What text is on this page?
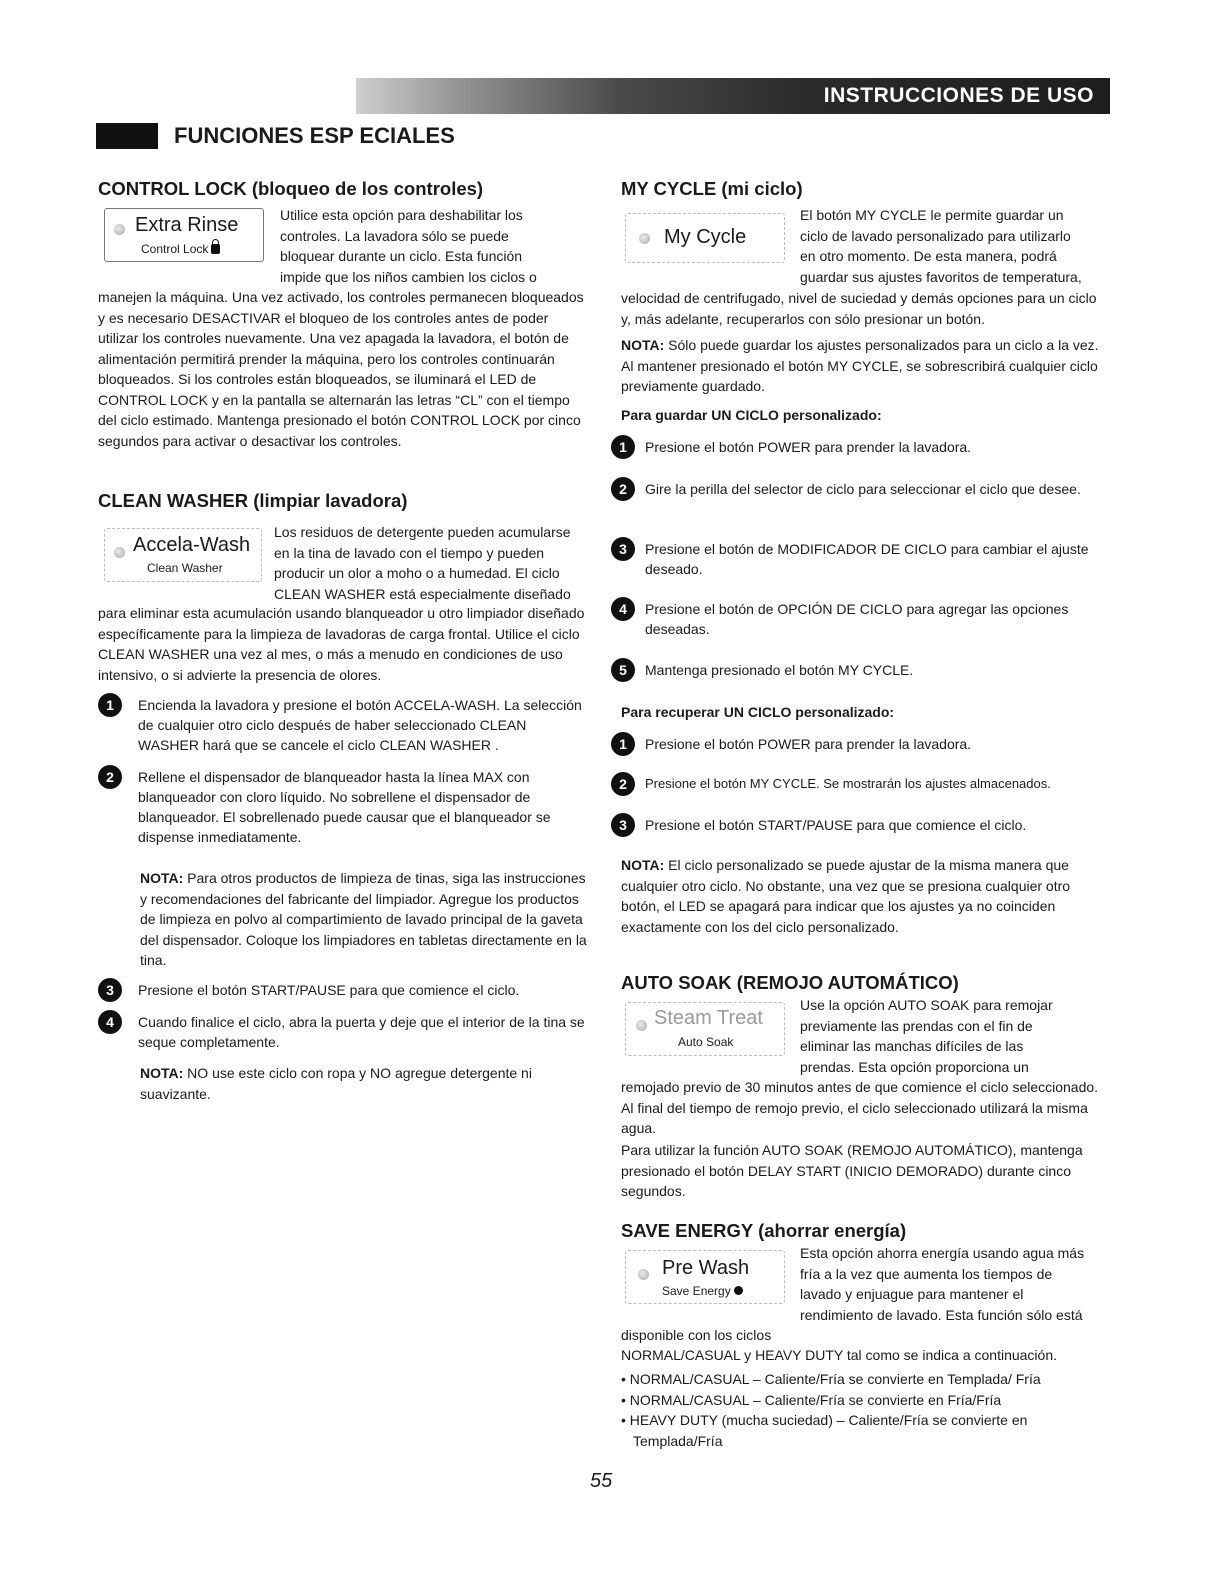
INSTRUCCIONES DE USO
FUNCIONES ESP ECIALES
CONTROL LOCK (bloqueo de los controles)
Extra Rinse
Control Lock

Utilice esta opción para deshabilitar los

controles. La lavadora sólo se puede

bloquear durante un ciclo. Esta función

impide que los niños cambien los ciclos o

manejen la máquina. Una vez activado, los controles permanecen bloqueados y es necesario DESACTIVAR el bloqueo de los controles antes de poder utilizar los controles nuevamente. Una vez apagada la lavadora, el botón de alimentación permitirá prender la máquina, pero los controles continuarán bloqueados. Si los controles están bloqueados, se iluminará el LED de CONTROL LOCK y en la pantalla se alternarán las letras “CL” con el tiempo del ciclo estimado. Mantenga presionado el botón CONTROL LOCK por cinco segundos para activar o desactivar los controles.

CLEAN WASHER (limpiar lavadora)
Accela-Wash
Clean Washer

Los residuos de detergente pueden acumularse

en la tina de lavado con el tiempo y pueden

producir un olor a moho o a humedad. El ciclo

CLEAN WASHER está especialmente diseñado

para eliminar esta acumulación usando blanqueador u otro limpiador diseñado específicamente para la limpieza de lavadoras de carga frontal. Utilice el ciclo CLEAN WASHER una vez al mes, o más a menudo en condiciones de uso intensivo, o si advierte la presencia de olores.

1	Encienda la lavadora y presione el botón ACCELA-WASH. La selección de cualquier otro ciclo después de haber seleccionado CLEAN WASHER hará que se cancele el ciclo CLEAN WASHER .
2	Rellene el dispensador de blanqueador hasta la línea MAX con blanqueador con cloro líquido. No sobrellene el dispensador de blanqueador. El sobrellenado puede causar que el blanqueador se dispense inmediatamente.

NOTA: Para otros productos de limpieza de tinas, siga las instrucciones y recomendaciones del fabricante del limpiador. Agregue los productos de limpieza en polvo al compartimiento de lavado principal de la gaveta del dispensador. Coloque los limpiadores en tabletas directamente en la tina.

3	Presione el botón START/PAUSE para que comience el ciclo.
4	Cuando finalice el ciclo, abra la puerta y deje que el interior de la tina se seque completamente.

NOTA: NO use este ciclo con ropa y NO agregue detergente ni suavizante.

MY CYCLE (mi ciclo)
My Cycle

El botón MY CYCLE le permite guardar un

ciclo de lavado personalizado para utilizarlo

en otro momento. De esta manera, podrá

guardar sus ajustes favoritos de temperatura,

velocidad de centrifugado, nivel de suciedad y demás opciones para un ciclo y, más adelante, recuperarlos con sólo presionar un botón.

NOTA: Sólo puede guardar los ajustes personalizados para un ciclo a la vez. Al mantener presionado el botón MY CYCLE, se sobrescribirá cualquier ciclo previamente guardado.

Para guardar UN CICLO personalizado:
1	Presione el botón POWER para prender la lavadora.
2	Gire la perilla del selector de ciclo para seleccionar el ciclo que desee.
3	Presione el botón de MODIFICADOR DE CICLO para cambiar el ajuste deseado.
4	Presione el botón de OPCIÓN DE CICLO para agregar las opciones deseadas.
5	Mantenga presionado el botón MY CYCLE.
Para recuperar UN CICLO personalizado:
1	Presione el botón POWER para prender la lavadora.
2	Presione el botón MY CYCLE. Se mostrarán los ajustes almacenados.
3	Presione el botón START/PAUSE para que comience el ciclo.

NOTA: El ciclo personalizado se puede ajustar de la misma manera que cualquier otro ciclo. No obstante, una vez que se presiona cualquier otro botón, el LED se apagará para indicar que los ajustes ya no coinciden exactamente con los del ciclo personalizado.

AUTO SOAK (REMOJO AUTOMÁTICO)
Steam Treat
Auto Soak

Use la opción AUTO SOAK para remojar

previamente las prendas con el fin de

eliminar las manchas difíciles de las

prendas. Esta opción proporciona un

remojado previo de 30 minutos antes de que comience el ciclo seleccionado. Al final del tiempo de remojo previo, el ciclo seleccionado utilizará la misma agua.

Para utilizar la función AUTO SOAK (REMOJO AUTOMÁTICO), mantenga presionado el botón DELAY START (INICIO DEMORADO) durante cinco segundos.

SAVE ENERGY (ahorrar energía)
Pre Wash
Save Energy

Esta opción ahorra energía usando agua más

fría a la vez que aumenta los tiempos de

lavado y enjuague para mantener el

rendimiento de lavado. Esta función sólo está

disponible con los ciclos

NORMAL/CASUAL y HEAVY DUTY tal como se indica a continuación.

• NORMAL/CASUAL – Caliente/Fría se convierte en Templada/ Fría

• NORMAL/CASUAL – Caliente/Fría se convierte en Fría/Fría

• HEAVY DUTY (mucha suciedad) – Caliente/Fría se convierte en Templada/Fría

55
